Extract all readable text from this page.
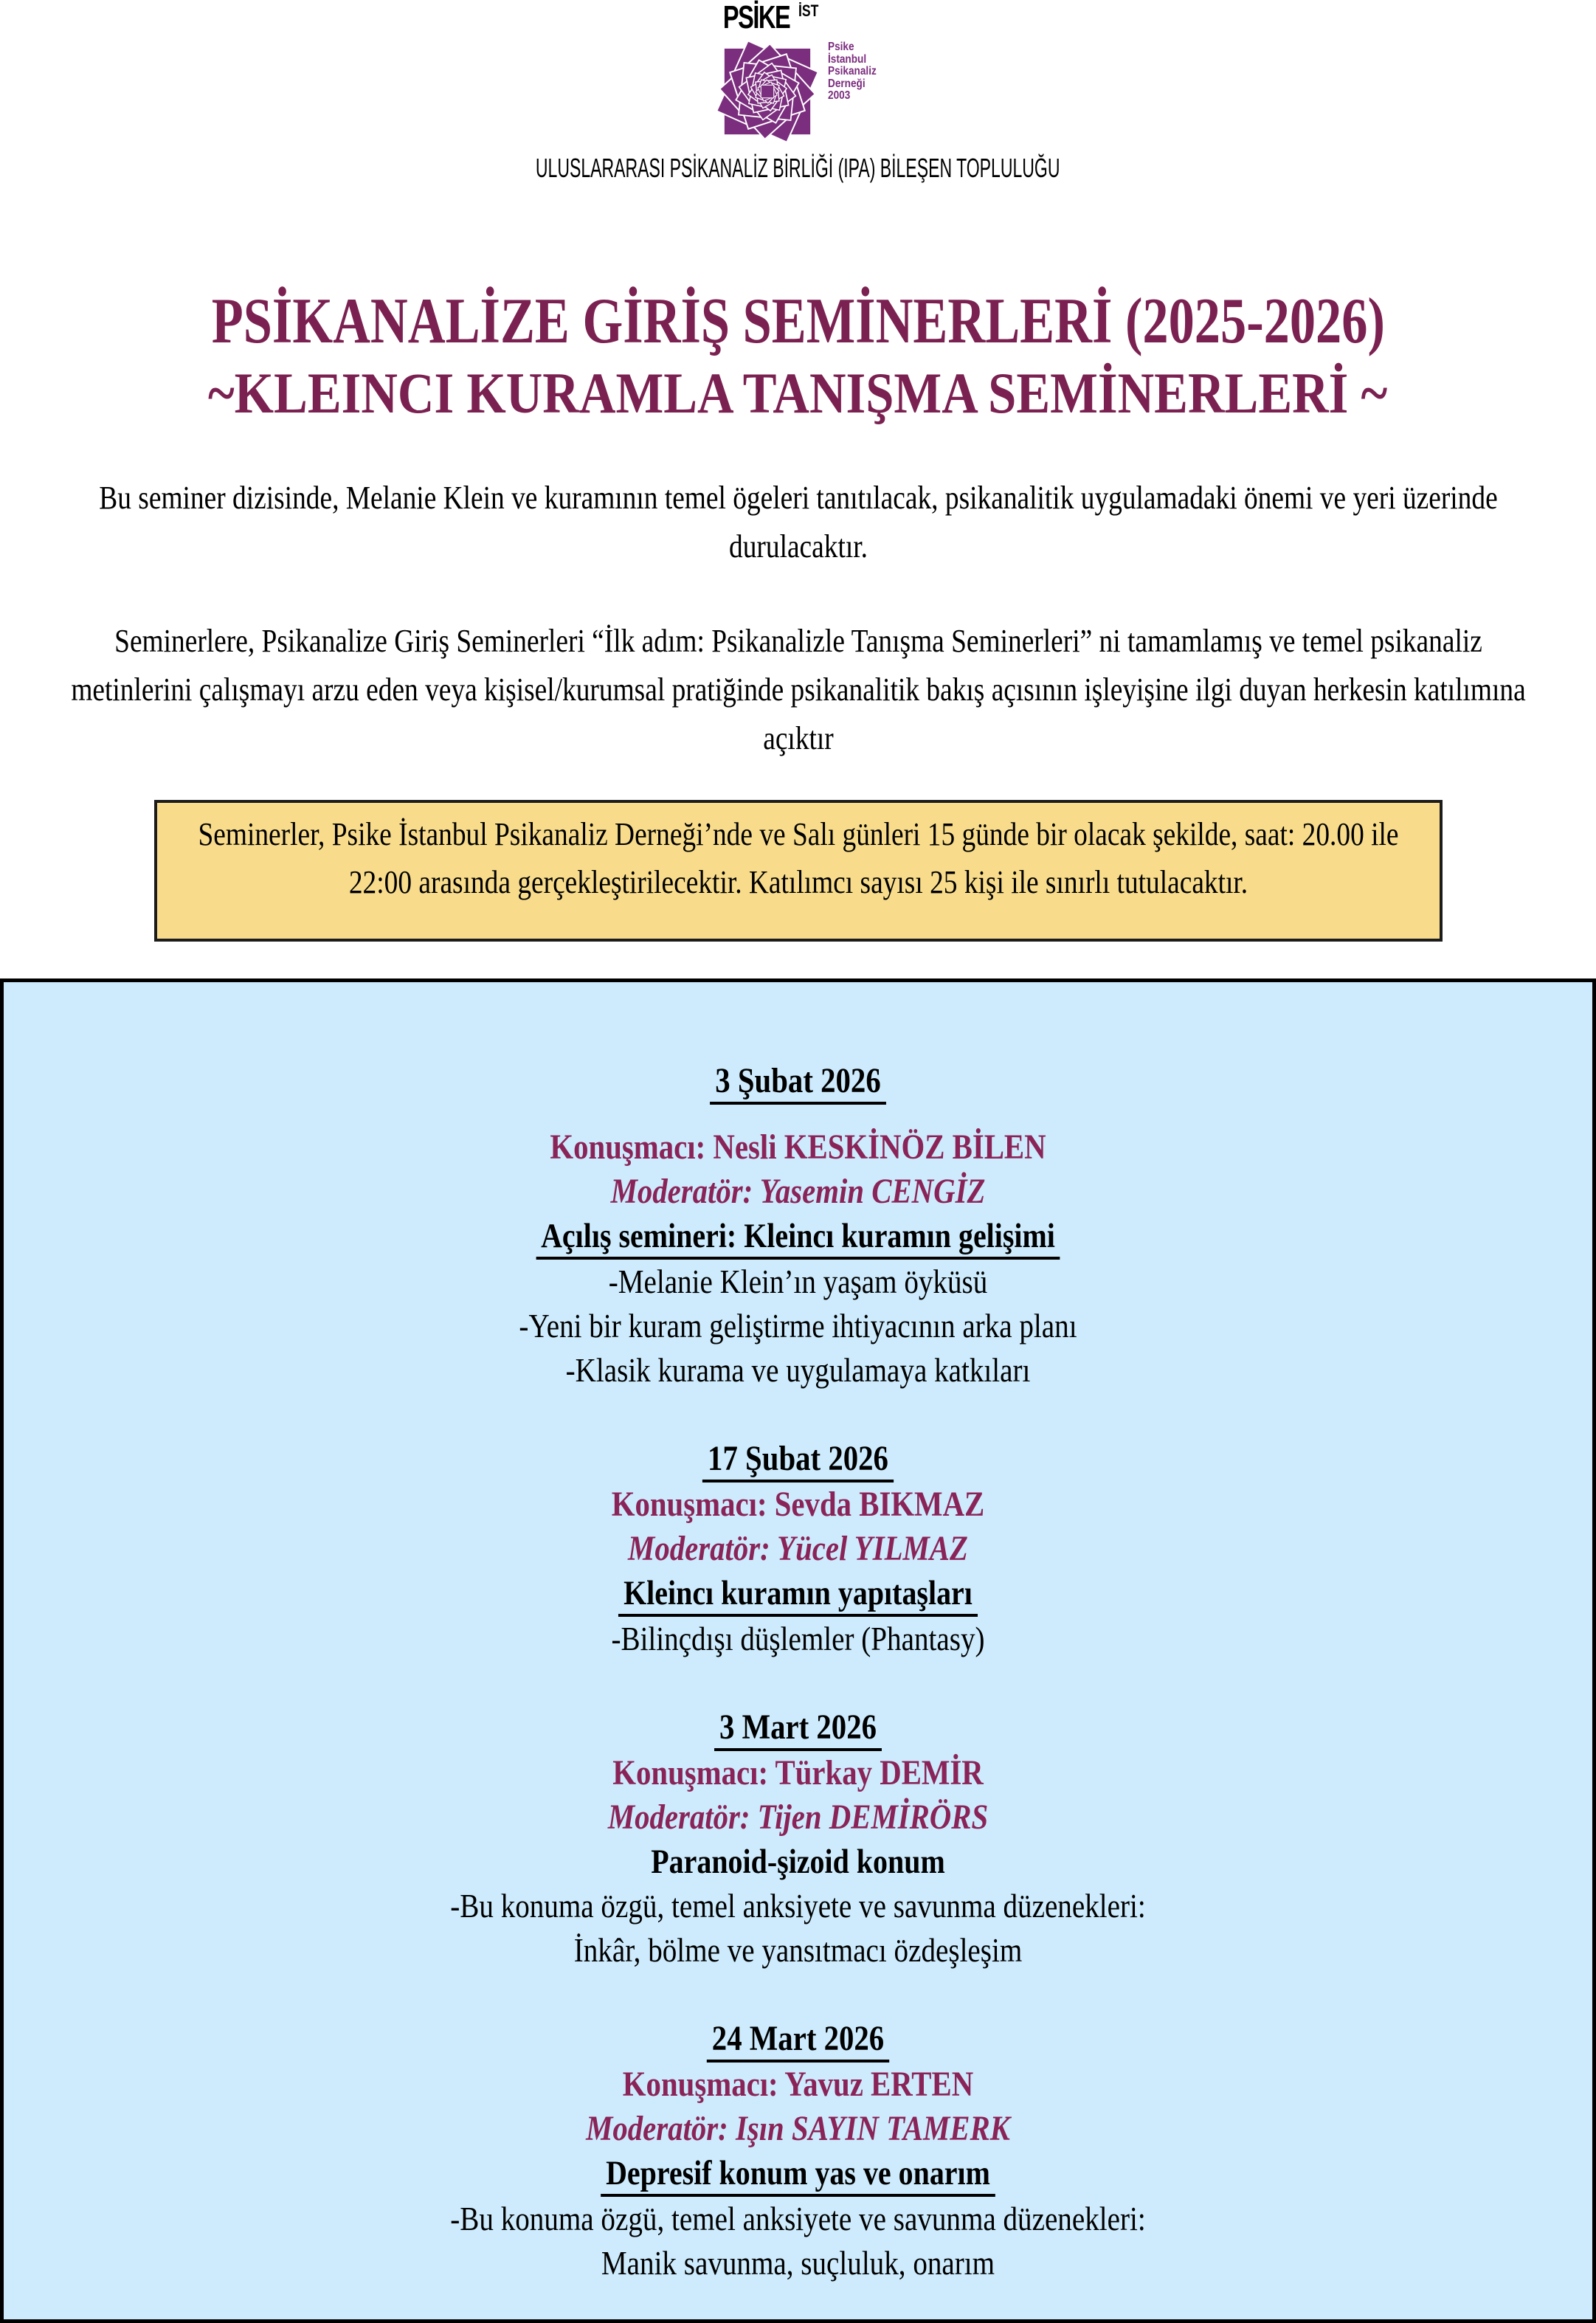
PSİKE İST
Psike
İstanbul
Psikanaliz
Derneği
2003
ULUSLARARASI PSİKANALİZ BİRLİĞİ (IPA) BİLEŞEN TOPLULUĞU
PSİKANALİZE GİRİŞ SEMİNERLERİ (2025-2026)
~KLEINCI KURAMLA TANIŞMA SEMİNERLERİ ~
Bu seminer dizisinde, Melanie Klein ve kuramının temel ögeleri tanıtılacak, psikanalitik uygulamadaki önemi ve yeri üzerinde durulacaktır.
Seminerlere, Psikanalize Giriş Seminerleri “İlk adım: Psikanalizle Tanışma Seminerleri” ni tamamlamış ve temel psikanaliz metinlerini çalışmayı arzu eden veya kişisel/kurumsal pratiğinde psikanalitik bakış açısının işleyişine ilgi duyan herkesin katılımına açıktır
Seminerler, Psike İstanbul Psikanaliz Derneği’nde ve Salı günleri 15 günde bir olacak şekilde, saat: 20.00 ile 22:00 arasında gerçekleştirilecektir. Katılımcı sayısı 25 kişi ile sınırlı tutulacaktır.
3 Şubat 2026
Konuşmacı: Nesli KESKİNÖZ BİLEN
Moderatör: Yasemin CENGİZ
Açılış semineri: Kleincı kuramın gelişimi
-Melanie Klein’ın yaşam öyküsü
-Yeni bir kuram geliştirme ihtiyacının arka planı
-Klasik kurama ve uygulamaya katkıları
17 Şubat 2026
Konuşmacı: Sevda BIKMAZ
Moderatör: Yücel YILMAZ
Kleincı kuramın yapıtaşları
-Bilinçdışı düşlemler (Phantasy)
3 Mart 2026
Konuşmacı: Türkay DEMİR
Moderatör: Tijen DEMİRÖRS
Paranoid-şizoid konum
-Bu konuma özgü, temel anksiyete ve savunma düzenekleri:
İnkâr, bölme ve yansıtmacı özdeşleşim
24 Mart 2026
Konuşmacı: Yavuz ERTEN
Moderatör: Işın SAYIN TAMERK
Depresif konum yas ve onarım
-Bu konuma özgü, temel anksiyete ve savunma düzenekleri:
Manik savunma, suçluluk, onarım
